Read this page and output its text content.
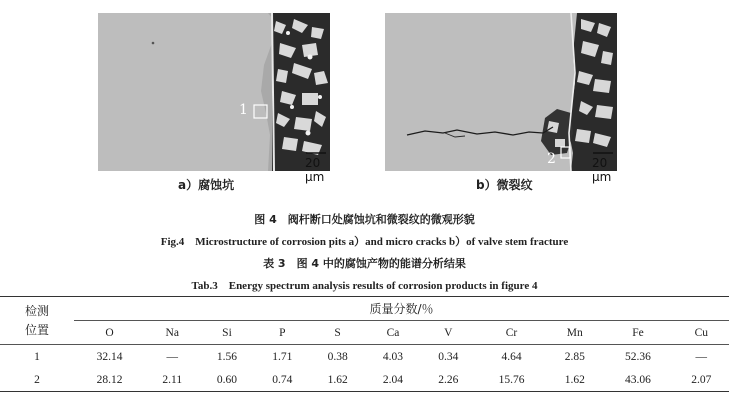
1
20 μm
2	20 μm
a）腐蚀坑	b）微裂纹
图 4　阀杆断口处腐蚀坑和微裂纹的微观形貌
Fig.4　Microstructure of corrosion pits a）and micro cracks b）of valve stem fracture
表 3　图 4 中的腐蚀产物的能谱分析结果
Tab.3　Energy spectrum analysis results of corrosion products in figure 4
检测
位置	质量分数/％										
	O	Na	Si	P	S	Ca	V	Cr	Mn	Fe	Cu
1	32.14	—	1.56	1.71	0.38	4.03	0.34	4.64	2.85	52.36	—
2	28.12	2.11	0.60	0.74	1.62	2.04	2.26	15.76	1.62	43.06	2.07
